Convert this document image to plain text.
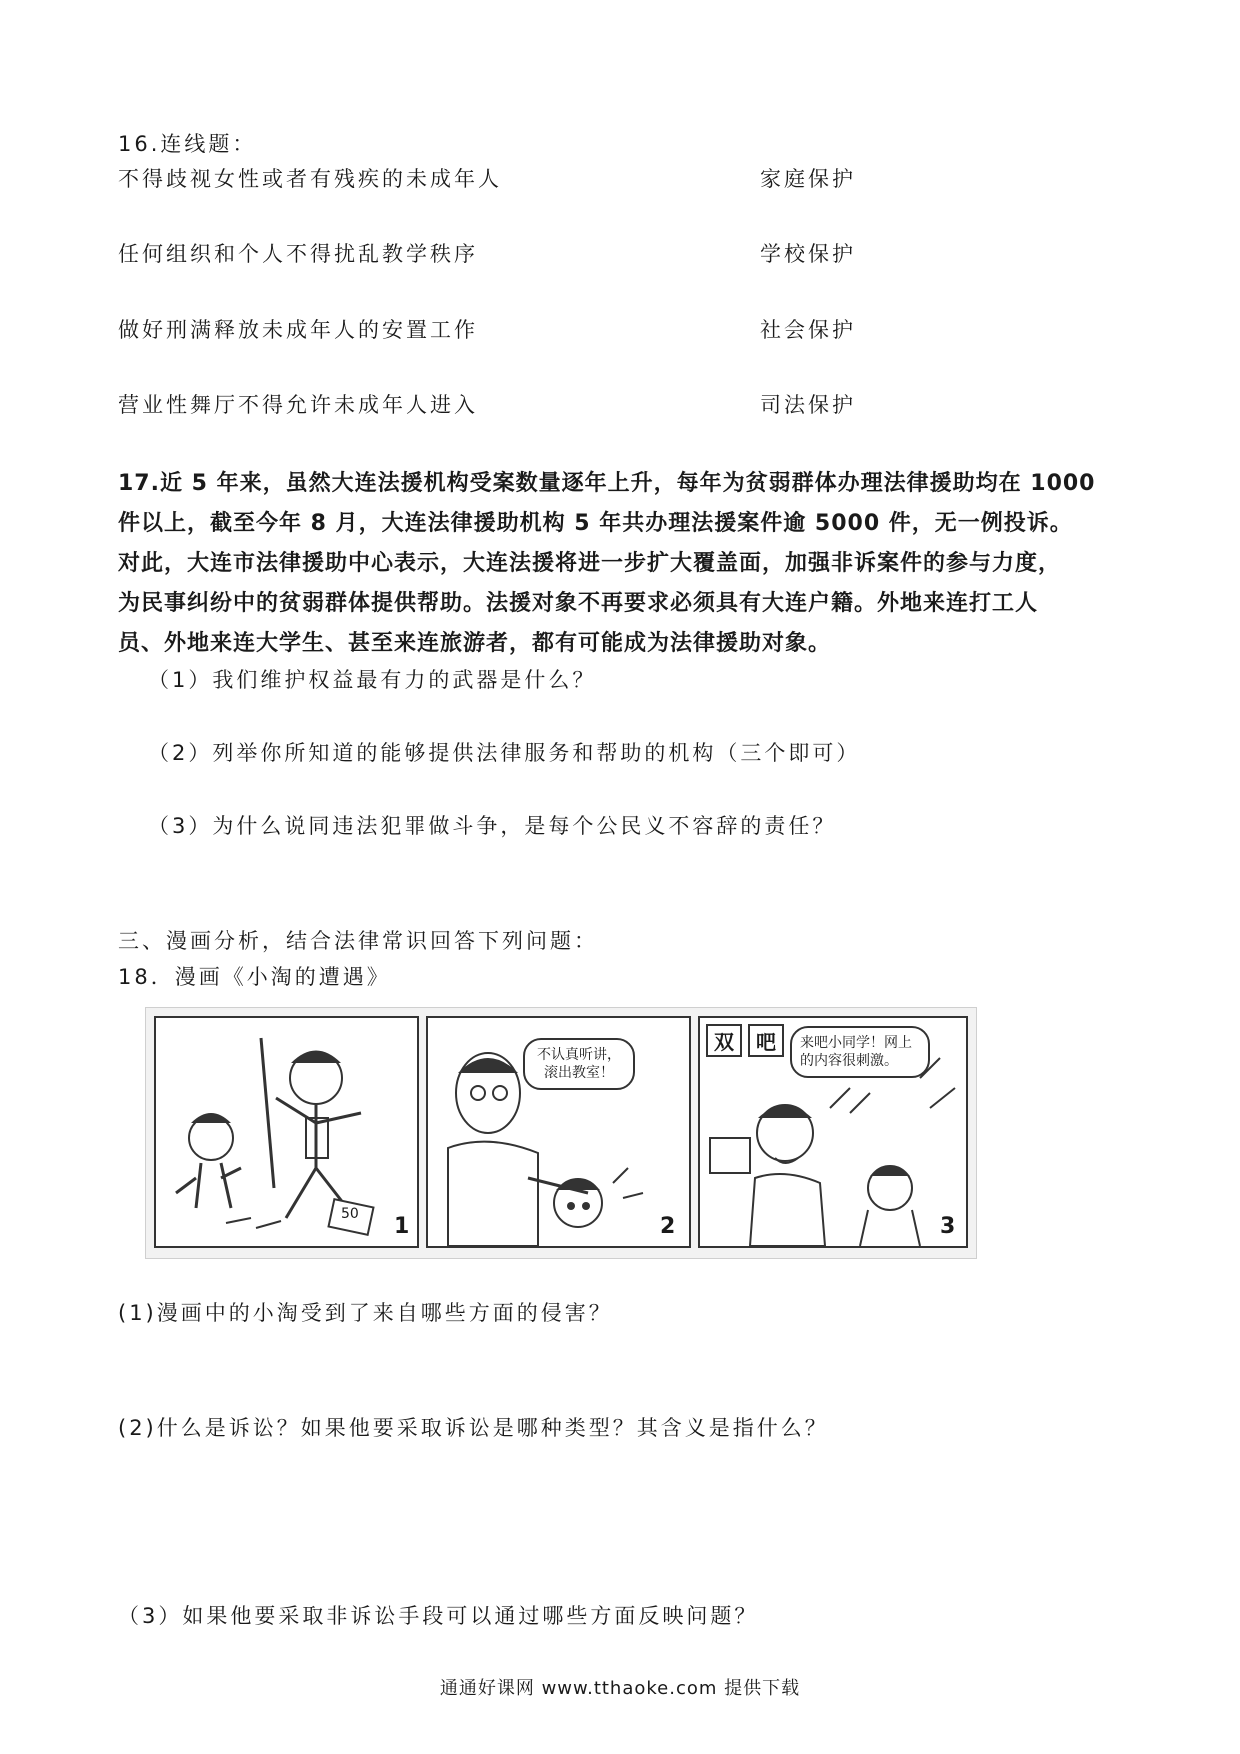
16.连线题：
不得歧视女性或者有残疾的未成年人	家庭保护
任何组织和个人不得扰乱教学秩序	学校保护
做好刑满释放未成年人的安置工作	社会保护
营业性舞厅不得允许未成年人进入	司法保护
17.近 5 年来，虽然大连法援机构受案数量逐年上升，每年为贫弱群体办理法律援助均在 1000
件以上，截至今年 8 月，大连法律援助机构 5 年共办理法援案件逾 5000 件，无一例投诉。
对此，大连市法律援助中心表示，大连法援将进一步扩大覆盖面，加强非诉案件的参与力度，
为民事纠纷中的贫弱群体提供帮助。法援对象不再要求必须具有大连户籍。外地来连打工人
员、外地来连大学生、甚至来连旅游者，都有可能成为法律援助对象。
（1）我们维护权益最有力的武器是什么？
（2）列举你所知道的能够提供法律服务和帮助的机构（三个即可）
（3）为什么说同违法犯罪做斗争，是每个公民义不容辞的责任？
三、漫画分析，结合法律常识回答下列问题：
18．漫画《小淘的遭遇》
50 1
不认真听讲，滚出教室！
2
双	吧	来吧小同学！网上的内容很刺激。
3
(1)漫画中的小淘受到了来自哪些方面的侵害？
(2)什么是诉讼？如果他要采取诉讼是哪种类型？其含义是指什么？
（3）如果他要采取非诉讼手段可以通过哪些方面反映问题？
通通好课网 www.tthaoke.com 提供下载
